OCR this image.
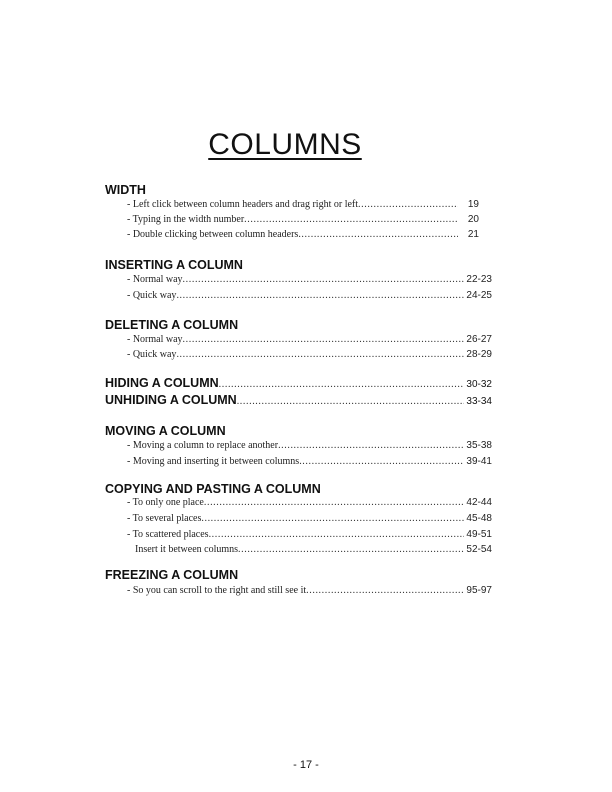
COLUMNS
WIDTH
- Left click between column headers and drag right or left .....	19
- Typing in the width number .....	20
- Double clicking between column headers .....	21
INSERTING A COLUMN
- Normal way .....	22-23
- Quick way .....	24-25
DELETING A COLUMN
- Normal way .....	26-27
- Quick way .....	28-29
HIDING A COLUMN .....	30-32
UNHIDING A COLUMN .....	33-34
MOVING A COLUMN
- Moving a column to replace another .....	35-38
- Moving and inserting it between columns .....	39-41
COPYING AND PASTING A COLUMN
- To only one place .....	42-44
- To several places .....	45-48
- To scattered places .....	49-51
Insert it between columns .....	52-54
FREEZING A COLUMN
- So you can scroll to the right and still see it .....	95-97
- 17 -
